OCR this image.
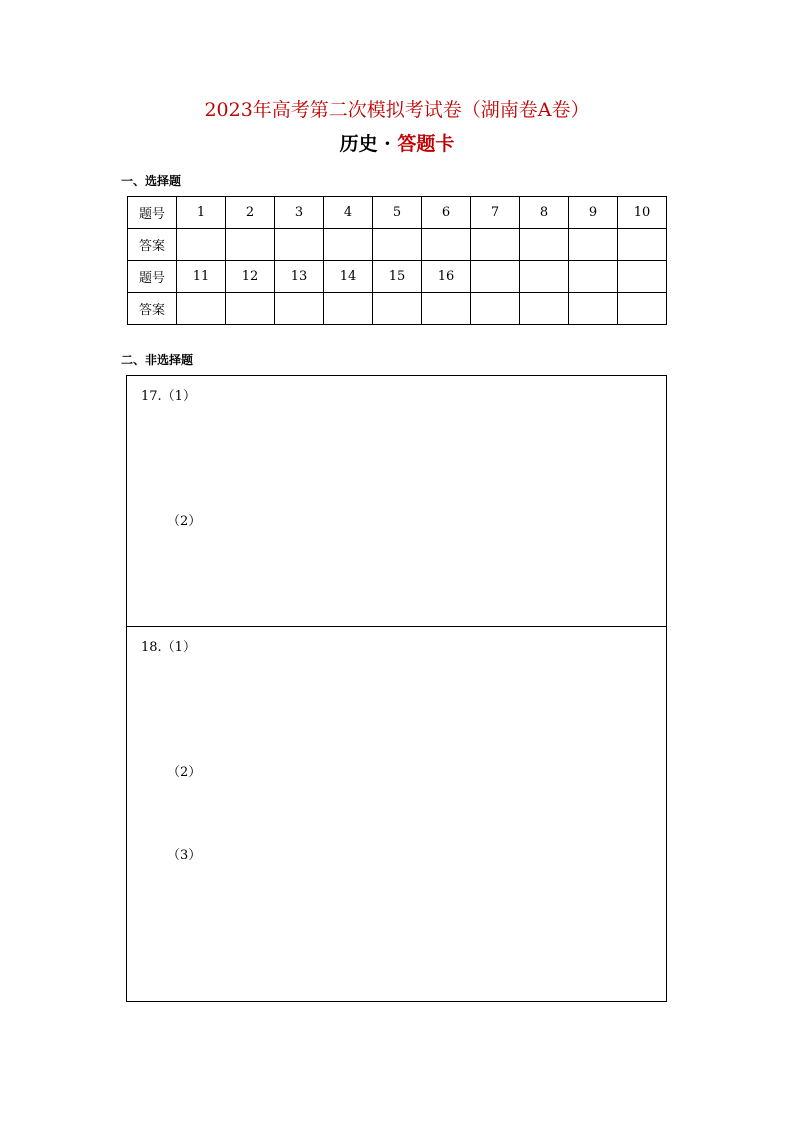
2023年高考第二次模拟考试卷（湖南卷A卷）
历史 · 答题卡
一、选择题
题号	1	2	3	4	5	6	7	8	9	10
答案										
题号	11	12	13	14	15	16				
答案										
二、非选择题
17.（1）
（2）
18.（1）
（2）
（3）
